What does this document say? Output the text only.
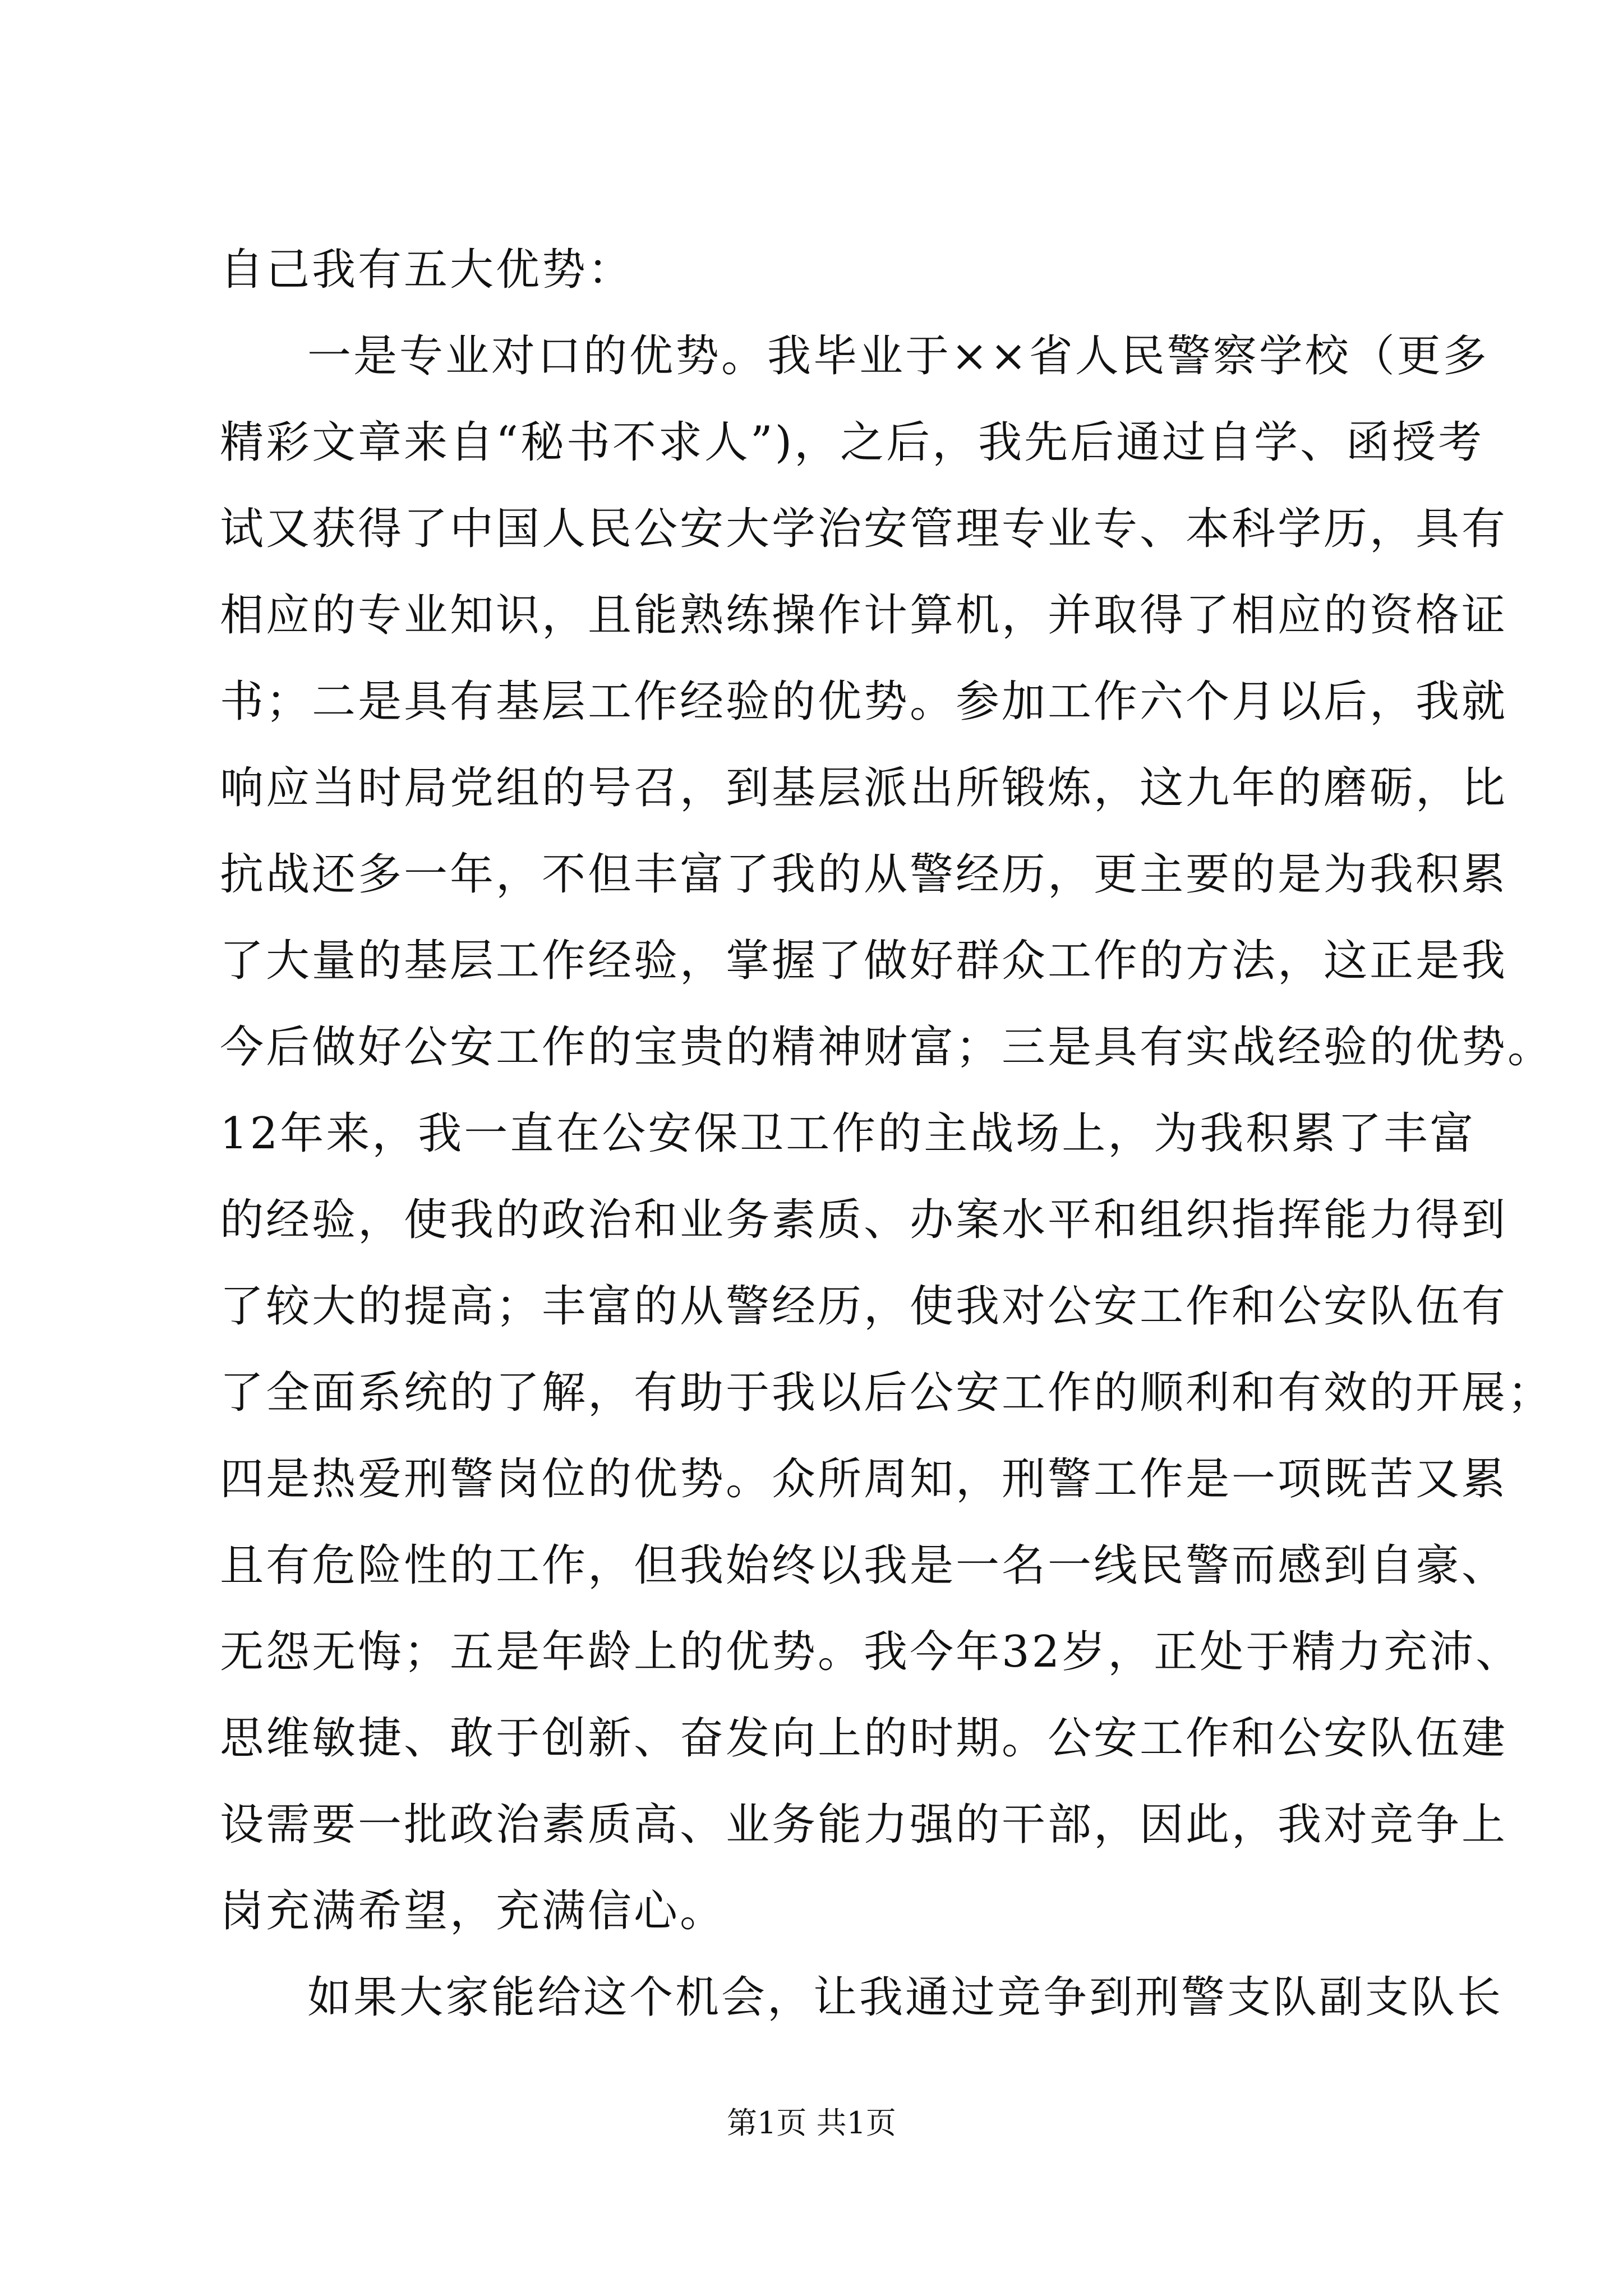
自己我有五大优势：
一是专业对口的优势。我毕业于××省人民警察学校（更多
精彩文章来自“秘书不求人”)，之后，我先后通过自学、函授考
试又获得了中国人民公安大学治安管理专业专、本科学历，具有
相应的专业知识，且能熟练操作计算机，并取得了相应的资格证
书；二是具有基层工作经验的优势。参加工作六个月以后，我就
响应当时局党组的号召，到基层派出所锻炼，这九年的磨砺，比
抗战还多一年，不但丰富了我的从警经历，更主要的是为我积累
了大量的基层工作经验，掌握了做好群众工作的方法，这正是我
今后做好公安工作的宝贵的精神财富；三是具有实战经验的优势。
12年来，我一直在公安保卫工作的主战场上，为我积累了丰富
的经验，使我的政治和业务素质、办案水平和组织指挥能力得到
了较大的提高；丰富的从警经历，使我对公安工作和公安队伍有
了全面系统的了解，有助于我以后公安工作的顺利和有效的开展；
四是热爱刑警岗位的优势。众所周知，刑警工作是一项既苦又累
且有危险性的工作，但我始终以我是一名一线民警而感到自豪、
无怨无悔；五是年龄上的优势。我今年32岁，正处于精力充沛、
思维敏捷、敢于创新、奋发向上的时期。公安工作和公安队伍建
设需要一批政治素质高、业务能力强的干部，因此，我对竞争上
岗充满希望，充满信心。
如果大家能给这个机会，让我通过竞争到刑警支队副支队长
第1页 共1页
